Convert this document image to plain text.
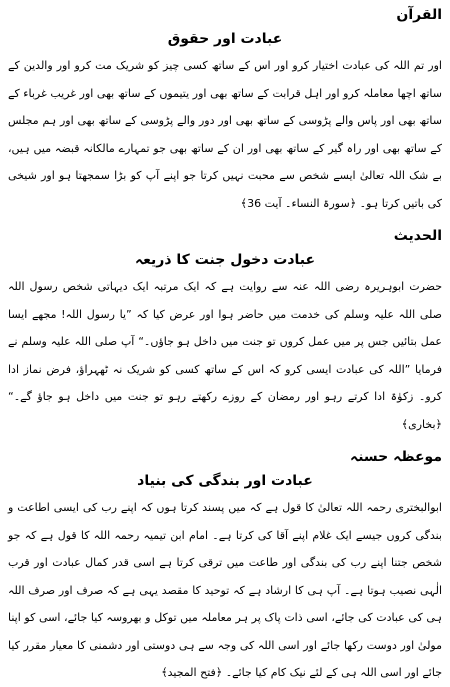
القرآن
عبادت اور حقوق

اور تم اللہ کی عبادت اختیار کرو اور اس کے ساتھ کسی چیز کو شریک مت کرو اور والدین کے ساتھ اچھا معاملہ کرو اور اہل قرابت کے ساتھ بھی اور یتیموں کے ساتھ بھی اور غریب غرباء کے ساتھ بھی اور پاس والے پڑوسی کے ساتھ بھی اور دور والے پڑوسی کے ساتھ بھی اور ہم مجلس کے ساتھ بھی اور راہ گیر کے ساتھ بھی اور ان کے ساتھ بھی جو تمہارے مالکانہ قبضہ میں ہیں، بے شک اللہ تعالیٰ ایسے شخص سے محبت نہیں کرتا جو اپنے آپ کو بڑا سمجھتا ہو اور شیخی کی باتیں کرتا ہو۔ ﴿سورۃ النساء۔ آیت 36﴾

الحدیث
عبادت دخول جنت کا ذریعہ

حضرت ابوہریرہ رضی اللہ عنہ سے روایت ہے کہ ایک مرتبہ ایک دیہاتی شخص رسول اللہ صلی اللہ علیہ وسلم کی خدمت میں حاضر ہوا اور عرض کیا کہ ”یا رسول اللہ! مجھے ایسا عمل بتائیں جس پر میں عمل کروں تو جنت میں داخل ہو جاؤں۔“ آپ صلی اللہ علیہ وسلم نے فرمایا ”اللہ کی عبادت ایسی کرو کہ اس کے ساتھ کسی کو شریک نہ ٹھہراؤ، فرض نماز ادا کرو۔ زکوٰۃ ادا کرتے رہو اور رمضان کے روزے رکھتے رہو تو جنت میں داخل ہو جاؤ گے۔“ ﴿بخاری﴾

موعظہ حسنہ
عبادت اور بندگی کی بنیاد

ابوالبختری رحمہ اللہ تعالیٰ کا قول ہے کہ میں پسند کرتا ہوں کہ اپنے رب کی ایسی اطاعت و بندگی کروں جیسے ایک غلام اپنے آقا کی کرتا ہے۔ امام ابن تیمیہ رحمہ اللہ کا قول ہے کہ جو شخص جتنا اپنے رب کی بندگی اور طاعت میں ترقی کرتا ہے اسی قدر کمال عبادت اور قرب الٰہی نصیب ہوتا ہے۔ آپ ہی کا ارشاد ہے کہ توحید کا مقصد یہی ہے کہ صرف اور صرف اللہ ہی کی عبادت کی جائے، اسی ذات پاک پر ہر معاملہ میں توکل و بھروسہ کیا جائے، اسی کو اپنا مولیٰ اور دوست رکھا جائے اور اسی اللہ کی وجہ سے ہی دوستی اور دشمنی کا معیار مقرر کیا جائے اور اسی اللہ ہی کے لئے نیک کام کیا جائے۔ ﴿فتح المجید﴾
